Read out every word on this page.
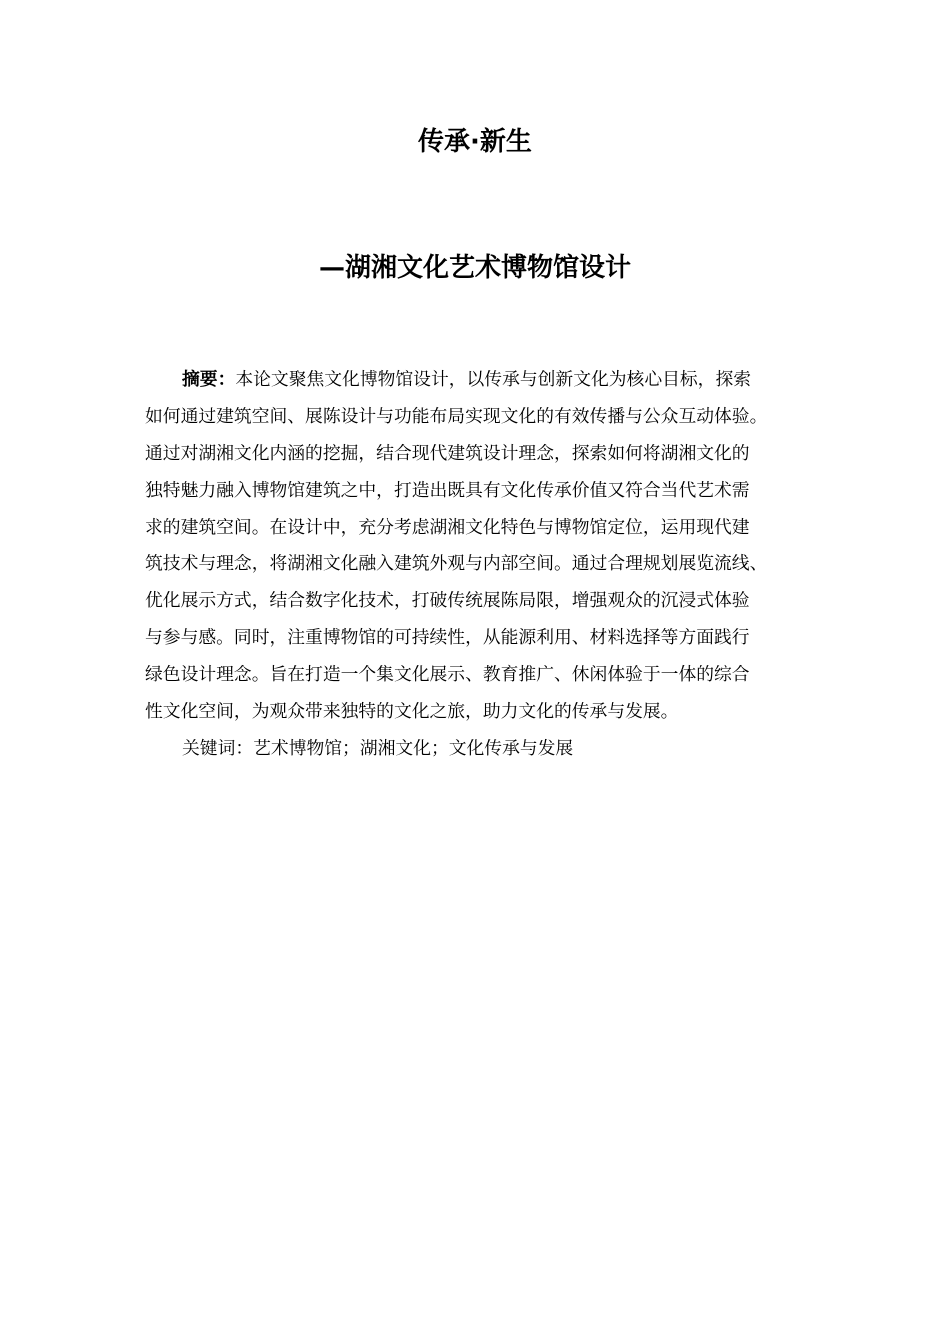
传承·新生
—湖湘文化艺术博物馆设计
摘要：本论文聚焦文化博物馆设计，以传承与创新文化为核心目标，探索
如何通过建筑空间、展陈设计与功能布局实现文化的有效传播与公众互动体验。
通过对湖湘文化内涵的挖掘，结合现代建筑设计理念，探索如何将湖湘文化的
独特魅力融入博物馆建筑之中，打造出既具有文化传承价值又符合当代艺术需
求的建筑空间。在设计中，充分考虑湖湘文化特色与博物馆定位，运用现代建
筑技术与理念，将湖湘文化融入建筑外观与内部空间。通过合理规划展览流线、
优化展示方式，结合数字化技术，打破传统展陈局限，增强观众的沉浸式体验
与参与感。同时，注重博物馆的可持续性，从能源利用、材料选择等方面践行
绿色设计理念。旨在打造一个集文化展示、教育推广、休闲体验于一体的综合
性文化空间，为观众带来独特的文化之旅，助力文化的传承与发展。

关键词：艺术博物馆；湖湘文化；文化传承与发展
